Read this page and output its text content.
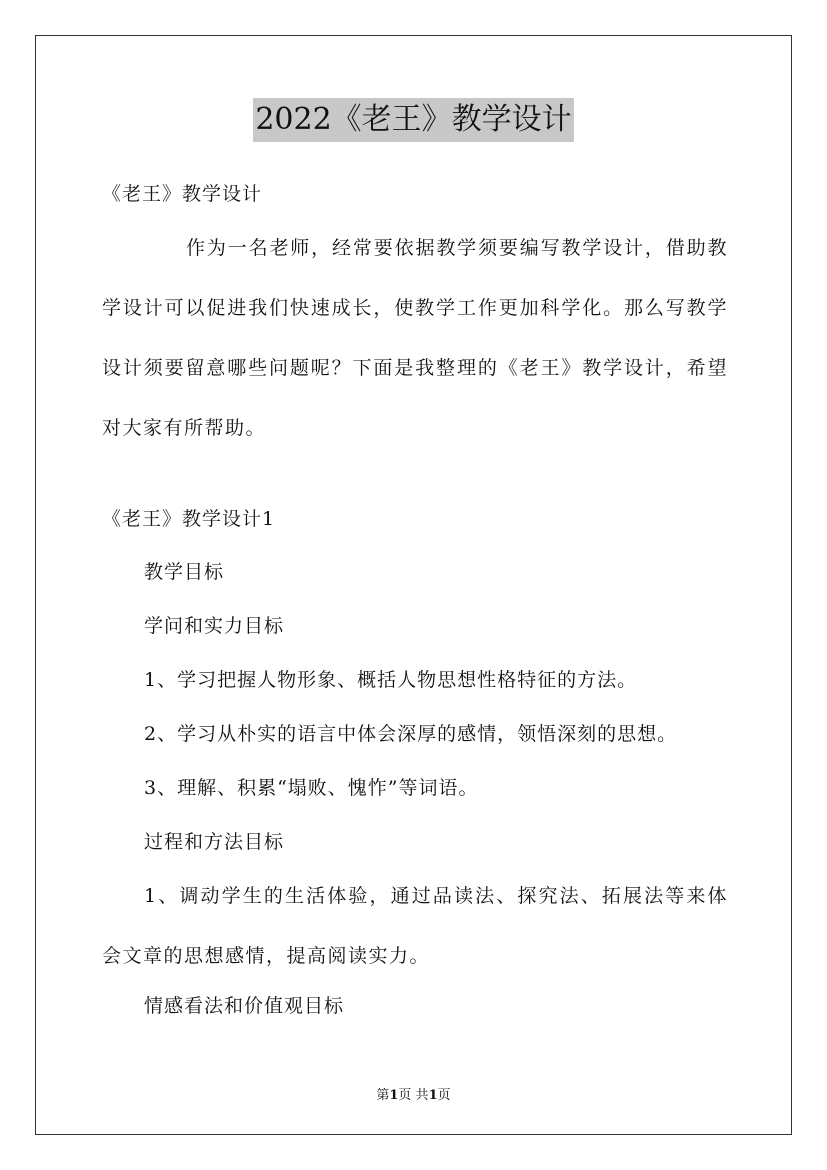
2022《老王》教学设计
《老王》教学设计

作为一名老师，经常要依据教学须要编写教学设计，借助教学设计可以促进我们快速成长，使教学工作更加科学化。那么写教学设计须要留意哪些问题呢？下面是我整理的《老王》教学设计，希望对大家有所帮助。

《老王》教学设计1
教学目标
学问和实力目标
1、学习把握人物形象、概括人物思想性格特征的方法。
2、学习从朴实的语言中体会深厚的感情，领悟深刻的思想。
3、理解、积累“塌败、愧怍”等词语。
过程和方法目标

1、调动学生的生活体验，通过品读法、探究法、拓展法等来体会文章的思想感情，提高阅读实力。

情感看法和价值观目标
第1页 共1页
